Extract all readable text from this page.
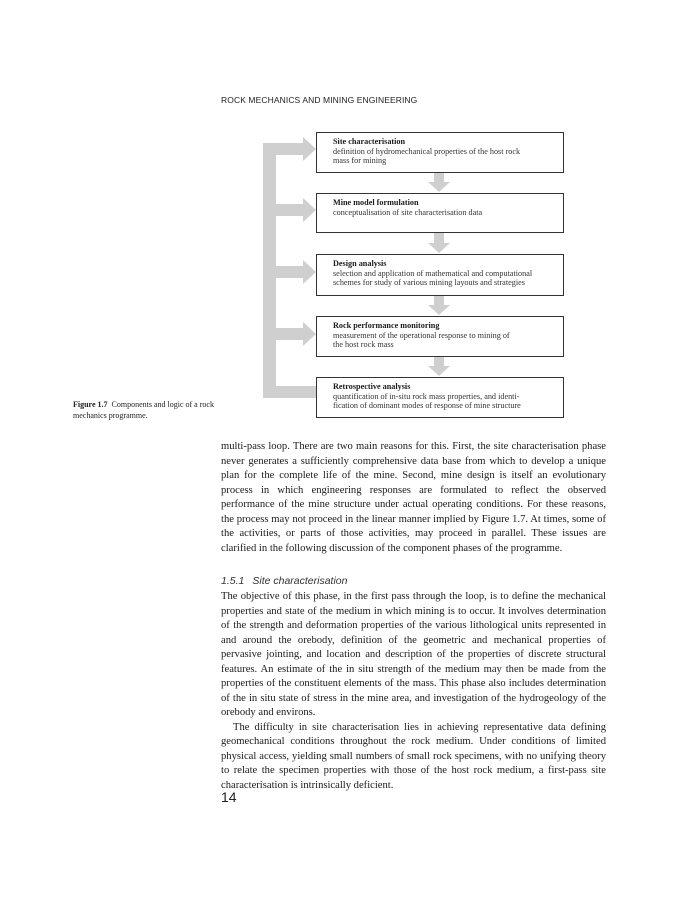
ROCK MECHANICS AND MINING ENGINEERING
Site characterisation
definition of hydromechanical properties of the host rock
mass for mining
Mine model formulation
conceptualisation of site characterisation data
Design analysis
selection and application of mathematical and computational
schemes for study of various mining layouts and strategies
Rock performance monitoring
measurement of the operational response to mining of
the host rock mass
Retrospective analysis
quantification of in-situ rock mass properties, and identi-
fication of dominant modes of response of mine structure
Figure 1.7 Components and logic of a rock mechanics programme.

multi-pass loop. There are two main reasons for this. First, the site characterisation phase never generates a sufficiently comprehensive data base from which to develop a unique plan for the complete life of the mine. Second, mine design is itself an evolutionary process in which engineering responses are formulated to reflect the observed performance of the mine structure under actual operating conditions. For these reasons, the process may not proceed in the linear manner implied by Figure 1.7. At times, some of the activities, or parts of those activities, may proceed in parallel. These issues are clarified in the following discussion of the component phases of the programme.

1.5.1 Site characterisation

The objective of this phase, in the first pass through the loop, is to define the mechanical properties and state of the medium in which mining is to occur. It involves determination of the strength and deformation properties of the various lithological units represented in and around the orebody, definition of the geometric and mechanical properties of pervasive jointing, and location and description of the properties of discrete structural features. An estimate of the in situ strength of the medium may then be made from the properties of the constituent elements of the mass. This phase also includes determination of the in situ state of stress in the mine area, and investigation of the hydrogeology of the orebody and environs.

The difficulty in site characterisation lies in achieving representative data defining geomechanical conditions throughout the rock medium. Under conditions of limited physical access, yielding small numbers of small rock specimens, with no unifying theory to relate the specimen properties with those of the host rock medium, a first-pass site characterisation is intrinsically deficient.

14
